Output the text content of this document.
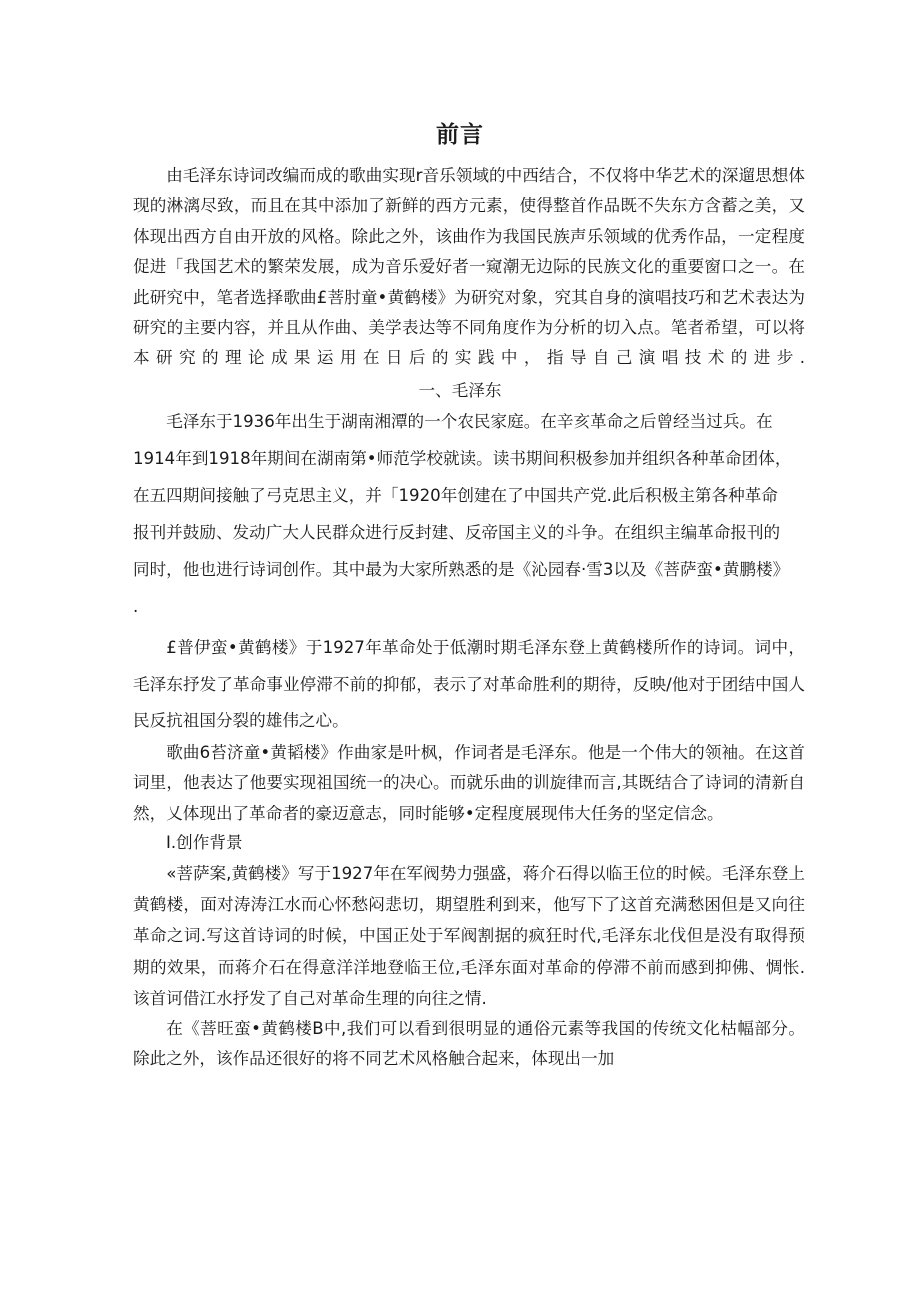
前言

由毛泽东诗词改编而成的歌曲实现r音乐领域的中西结合，不仅将中华艺术的深遛思想体现的淋漓尽致，而且在其中添加了新鲜的西方元素，使得整首作品既不失东方含蓄之美，又体现出西方自由开放的风格。除此之外，该曲作为我国民族声乐领域的优秀作品，一定程度促进「我国艺术的繁荣发展，成为音乐爱好者一窥潮无边际的民族文化的重要窗口之一。在此研究中，笔者选择歌曲£菩肘童•黄鹤楼》为研究对象，究其自身的演唱技巧和艺术表达为研究的主要内容，并且从作曲、美学表达等不同角度作为分析的切入点。笔者希望，可以将本研究的理论成果运用在日后的实践中，指导自己演唱技术的进步.

一、毛泽东
毛泽东于1936年出生于湖南湘潭的一个农民家庭。在辛亥革命之后曾经当过兵。在
1914年到1918年期间在湖南第•师范学校就读。读书期间积极参加并组织各种革命团体，
在五四期间接触了弓克思主义，并「1920年创建在了中国共产党.此后积极主第各种革命
报刊并鼓励、发动广大人民群众进行反封建、反帝国主义的斗争。在组织主编革命报刊的
同时，他也进行诗词创作。其中最为大家所熟悉的是《沁园春·雪3以及《菩萨蛮•黄鹏楼》
.

£普伊蛮•黄鹤楼》于1927年革命处于低潮时期毛泽东登上黄鹤楼所作的诗词。词中，毛泽东抒发了革命事业停滞不前的抑郁，表示了对革命胜利的期待，反映/他对于团结中国人民反抗祖国分裂的雄伟之心。

歌曲6苔济童•黄韬楼》作曲家是叶枫，作词者是毛泽东。他是一个伟大的领袖。在这首词里，他表达了他要实现祖国统一的决心。而就乐曲的训旋律而言,其既结合了诗词的清新自然，乂体现出了革命者的豪迈意志，同时能够•定程度展现伟大任务的坚定信念。

I.创作背景

«菩萨案,黄鹤楼》写于1927年在军阀势力强盛，蒋介石得以临王位的时候。毛泽东登上黄鹤楼，面对涛涛江水而心怀愁闷悲切，期望胜利到来，他写下了这首充满愁困但是又向往革命之词.写这首诗词的时候，中国正处于军阀割据的疯狂时代,毛泽东北伐但是没有取得预期的效果，而蒋介石在得意洋洋地登临王位,毛泽东面对革命的停滞不前而感到抑佛、惆怅.该首诃借江水抒发了自己对革命生理的向往之情.

在《菩旺蛮•黄鹤楼B中,我们可以看到很明显的通俗元素等我国的传统文化枯幅部分。除此之外，该作品还很好的将不同艺术风格触合起来，体现出一加
